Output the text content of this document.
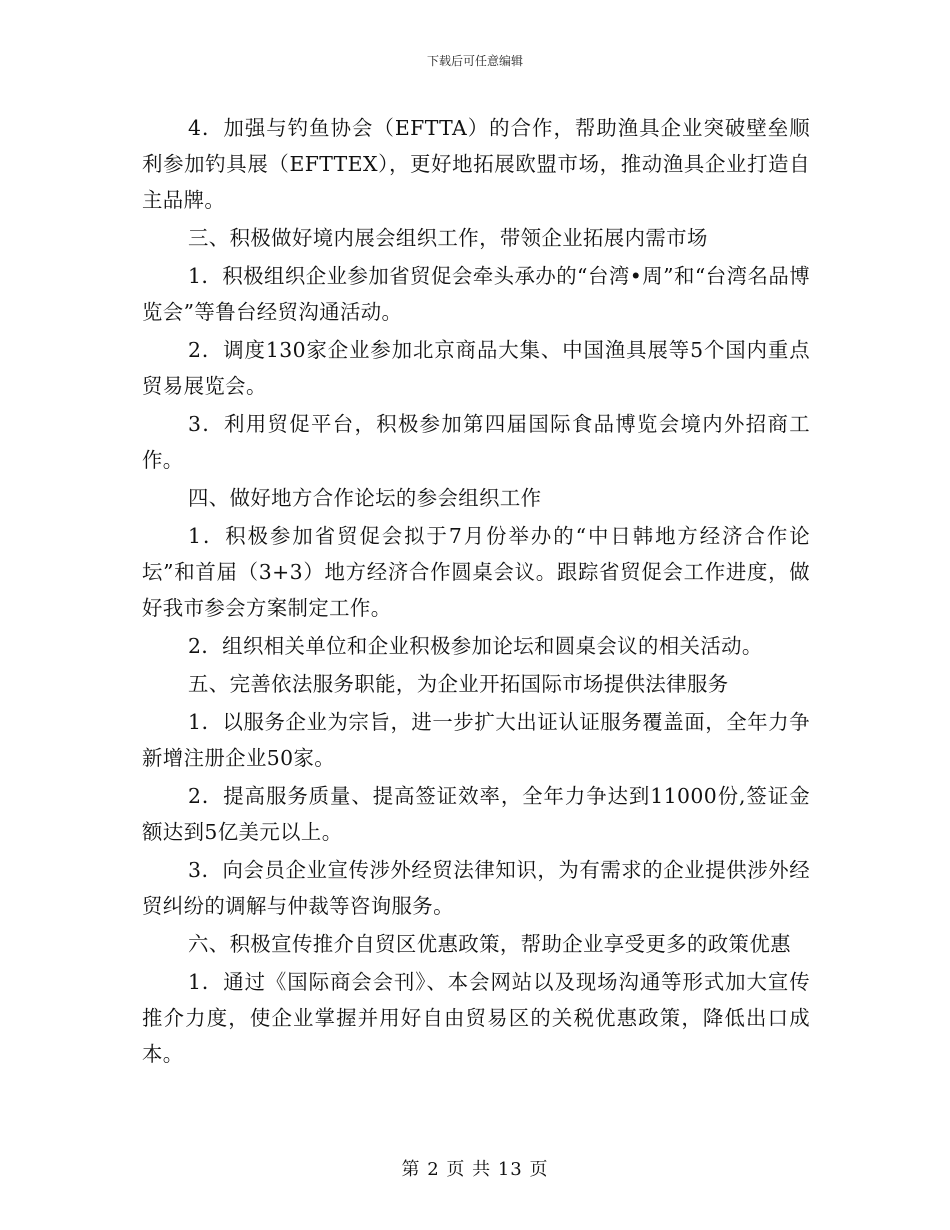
下载后可任意编辑

4．加强与钓鱼协会（EFTTA）的合作，帮助渔具企业突破壁垒顺利参加钓具展（EFTTEX），更好地拓展欧盟市场，推动渔具企业打造自主品牌。

三、积极做好境内展会组织工作，带领企业拓展内需市场

1．积极组织企业参加省贸促会牵头承办的“台湾•周”和“台湾名品博览会”等鲁台经贸沟通活动。

2．调度130家企业参加北京商品大集、中国渔具展等5个国内重点贸易展览会。

3．利用贸促平台，积极参加第四届国际食品博览会境内外招商工作。

四、做好地方合作论坛的参会组织工作

1．积极参加省贸促会拟于7月份举办的“中日韩地方经济合作论坛”和首届（3+3）地方经济合作圆桌会议。跟踪省贸促会工作进度，做好我市参会方案制定工作。

2．组织相关单位和企业积极参加论坛和圆桌会议的相关活动。

五、完善依法服务职能，为企业开拓国际市场提供法律服务

1．以服务企业为宗旨，进一步扩大出证认证服务覆盖面，全年力争新增注册企业50家。

2．提高服务质量、提高签证效率，全年力争达到11000份,签证金额达到5亿美元以上。

3．向会员企业宣传涉外经贸法律知识，为有需求的企业提供涉外经贸纠纷的调解与仲裁等咨询服务。

六、积极宣传推介自贸区优惠政策，帮助企业享受更多的政策优惠

1．通过《国际商会会刊》、本会网站以及现场沟通等形式加大宣传推介力度，使企业掌握并用好自由贸易区的关税优惠政策，降低出口成本。

第 2 页 共 13 页
